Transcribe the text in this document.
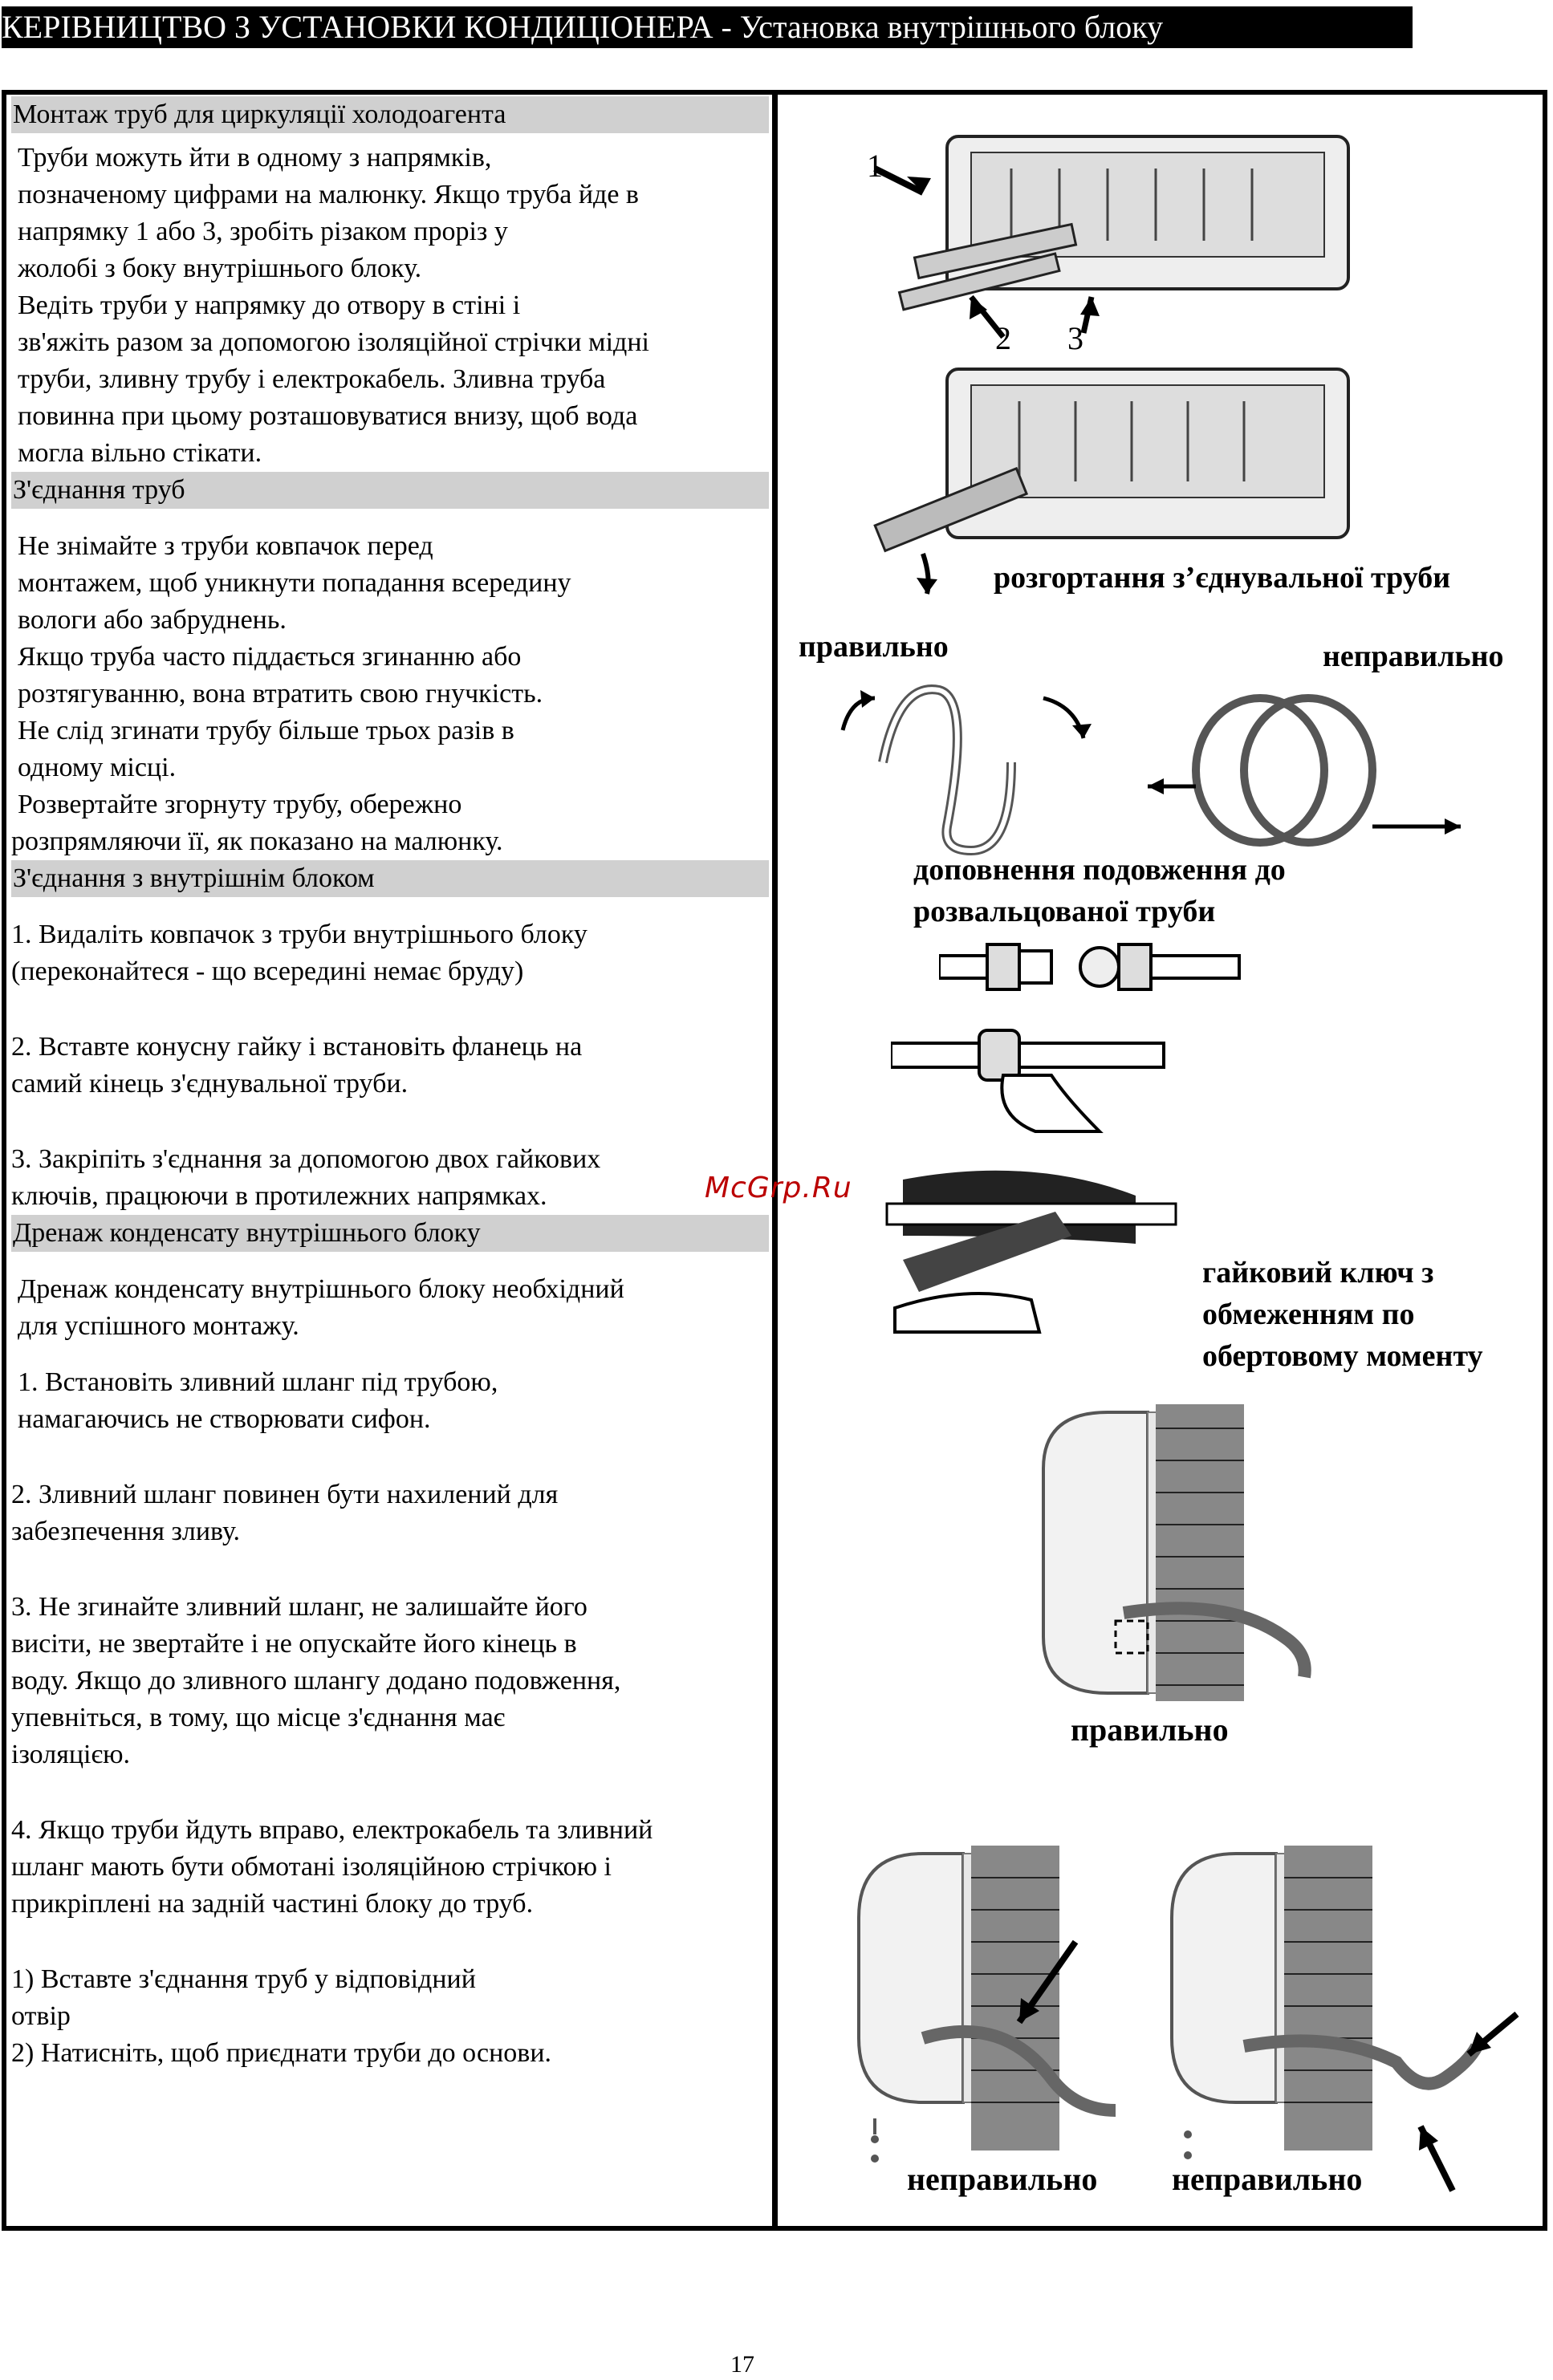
КЕРІВНИЦТВО З УСТАНОВКИ КОНДИЦІОНЕРА - Установка внутрішнього блоку
Монтаж труб для циркуляції холодоагента
Труби можуть йти в одному з напрямків,
позначеному цифрами на малюнку. Якщо труба йде в
напрямку 1 або 3, зробіть різаком проріз у
жолобі з боку внутрішнього блоку.
Ведіть труби у напрямку до отвору в стіні і
зв'яжіть разом за допомогою ізоляційної стрічки мідні
труби, зливну трубу і електрокабель. Зливна труба
повинна при цьому розташовуватися внизу, щоб вода
могла вільно стікати.
З'єднання труб
Не знімайте з труби ковпачок перед
монтажем, щоб уникнути попадання всередину
вологи або забруднень.
Якщо труба часто піддається згинанню або
розтягуванню, вона втратить свою гнучкість.
Не слід згинати трубу більше трьох разів в
одному місці.
Розвертайте згорнуту трубу, обережно
розпрямляючи її, як показано на малюнку.
З'єднання з внутрішнім блоком
1. Видаліть ковпачок з труби внутрішнього блоку
(переконайтеся - що всередині немає бруду)
2. Вставте конусну гайку і встановіть фланець на
самий кінець з'єднувальної труби.
3. Закріпіть з'єднання за допомогою двох гайкових
ключів, працюючи в протилежних напрямках.
Дренаж конденсату внутрішнього блоку
Дренаж конденсату внутрішнього блоку необхідний
для успішного монтажу.
1. Встановіть зливний шланг під трубою,
намагаючись не створювати сифон.
2. Зливний шланг повинен бути нахилений для
забезпечення зливу.
3. Не згинайте зливний шланг, не залишайте його
висіти, не звертайте і не опускайте його кінець в
воду. Якщо до зливного шлангу додано подовження,
упевніться, в тому, що місце з'єднання має
ізоляцією.
4. Якщо труби йдуть вправо, електрокабель та зливний
шланг мають бути обмотані ізоляційною стрічкою і
прикріплені на задній частині блоку до труб.
1) Вставте з'єднання труб у відповідний
отвір
2) Натисніть, щоб приєднати труби до основи.
1
2 3
розгортання з’єднувальної труби
правильно	неправильно
доповнення подовження до
розвальцованої труби
гайковий ключ з
обмеженням по
обертовому моменту
правильно
неправильно неправильно
McGrp.Ru
17
